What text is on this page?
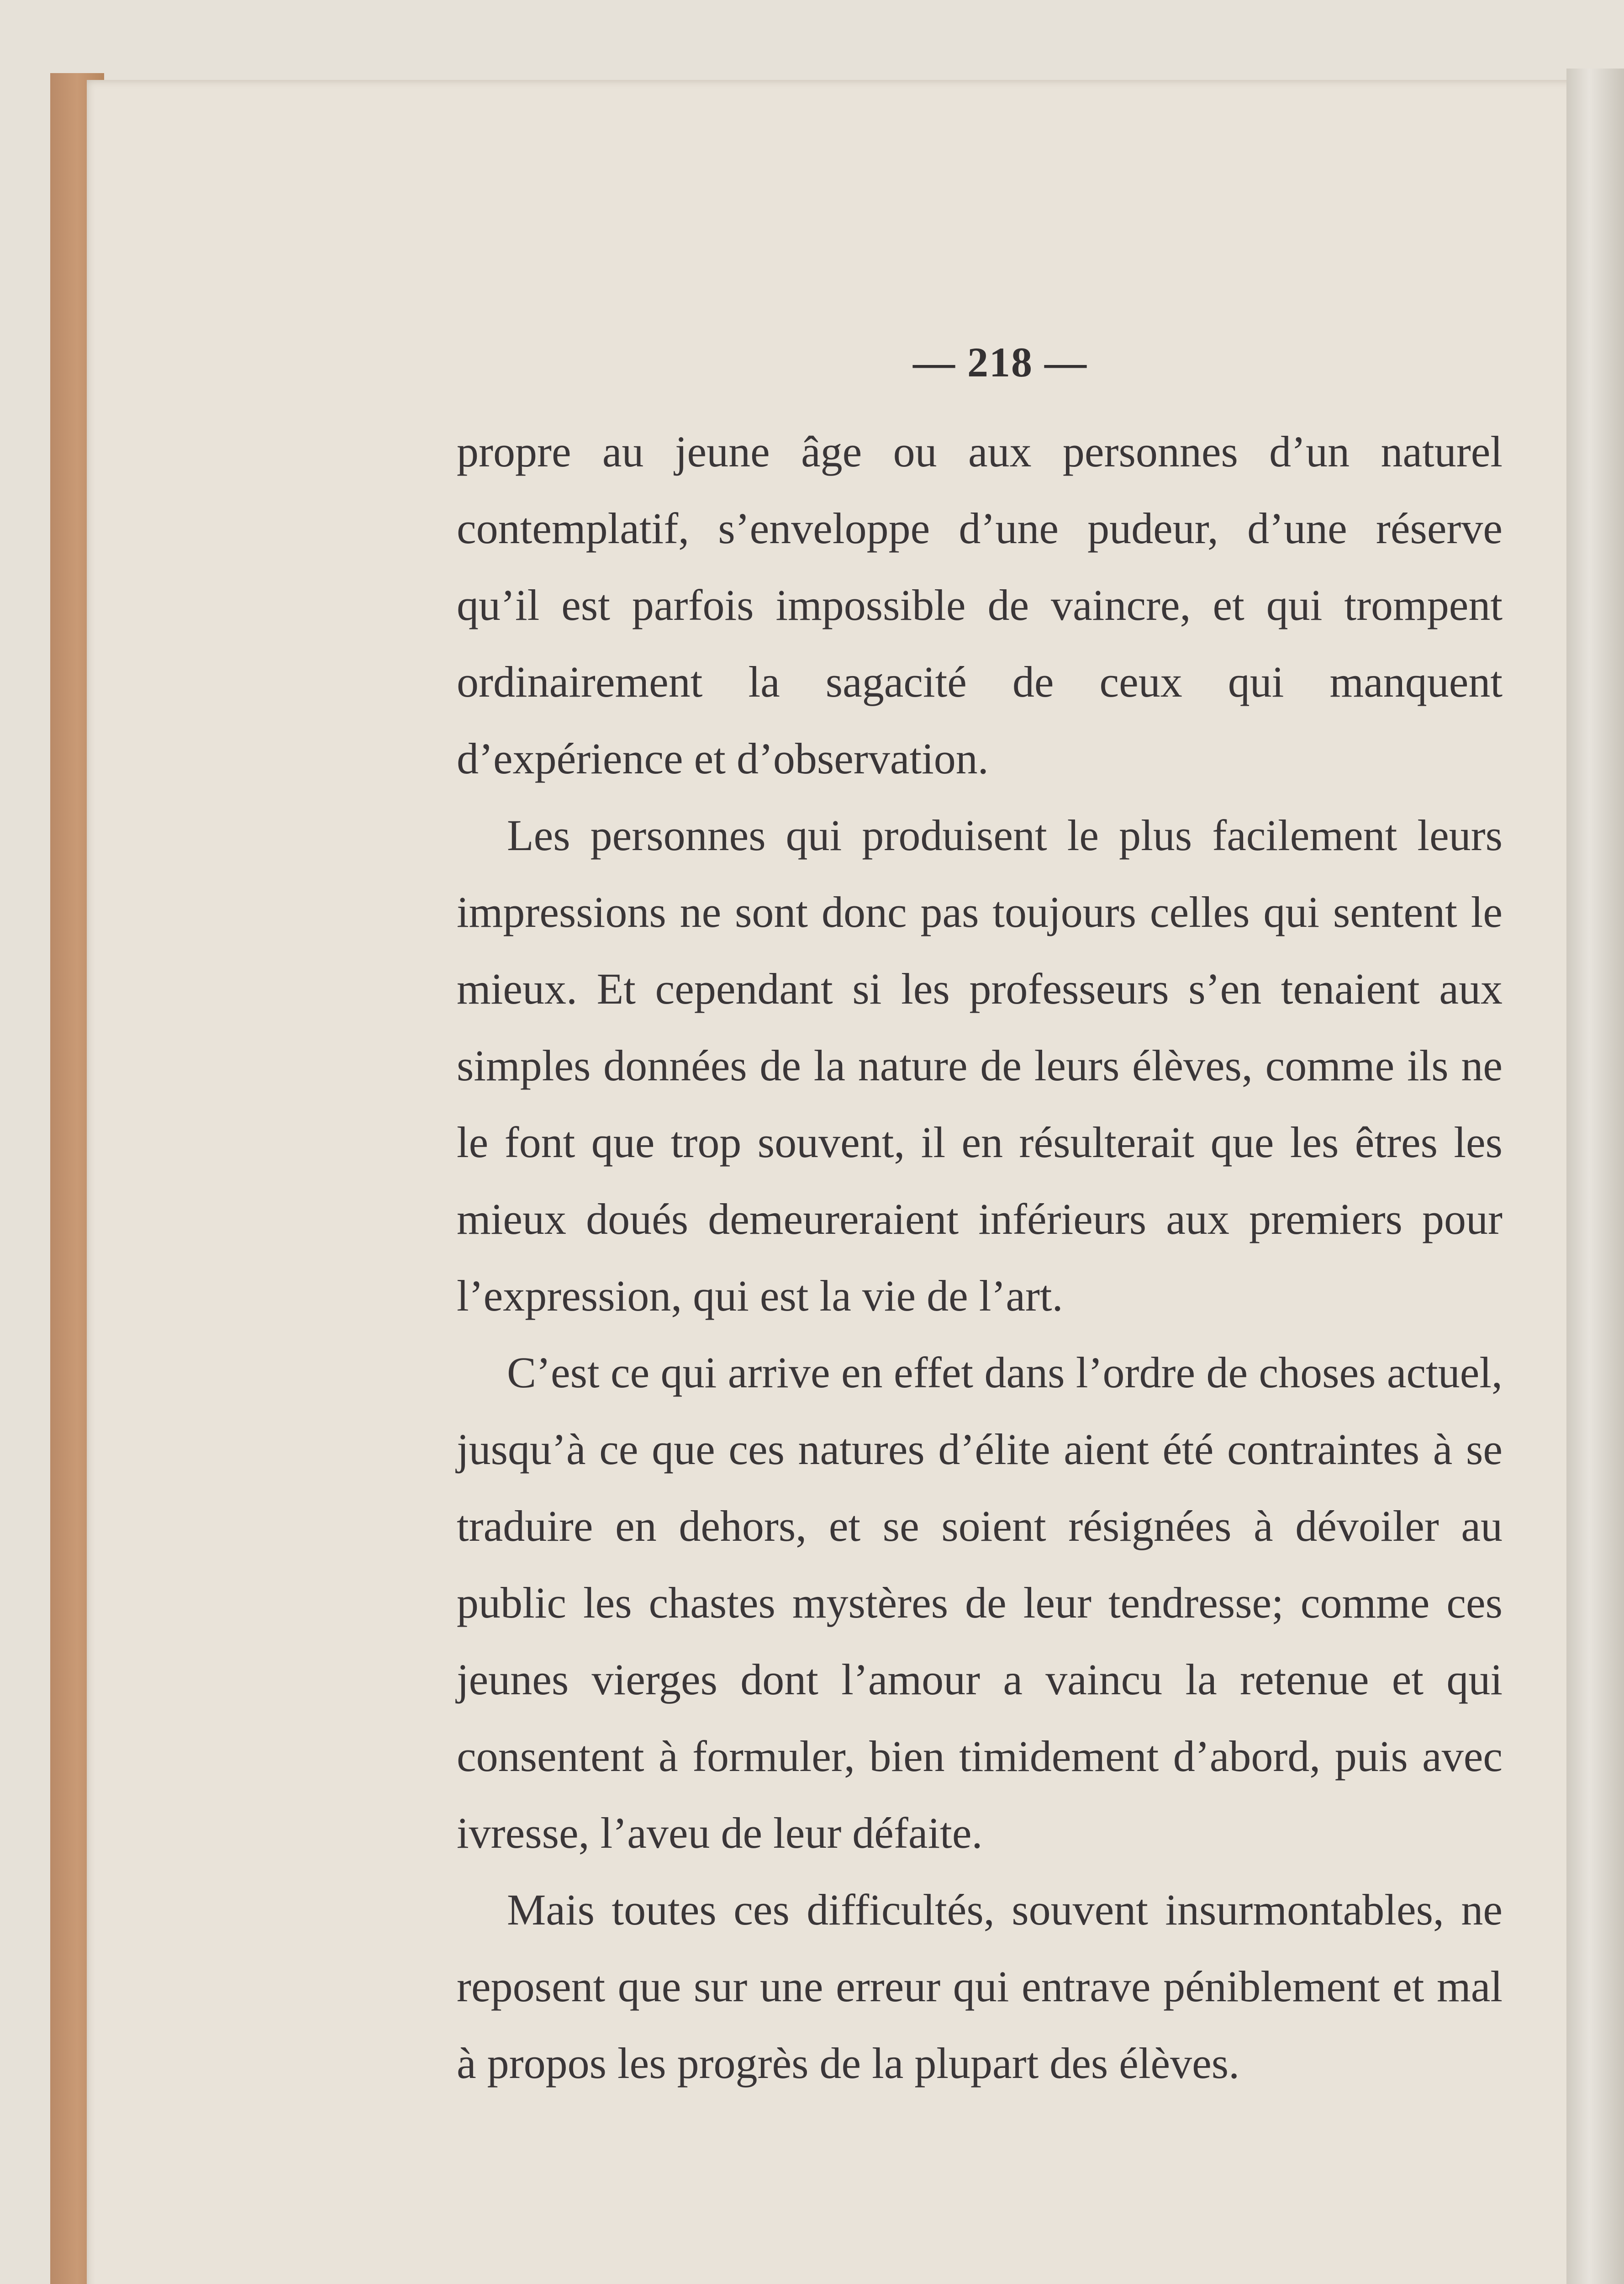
— 218 —

propre au jeune âge ou aux personnes d’un naturel contemplatif, s’enveloppe d’une pudeur, d’une réserve qu’il est parfois impossible de vaincre, et qui trompent ordinairement la sagacité de ceux qui manquent d’expérience et d’observation.

Les personnes qui produisent le plus facilement leurs impressions ne sont donc pas toujours celles qui sentent le mieux. Et cependant si les professeurs s’en tenaient aux simples données de la nature de leurs élèves, comme ils ne le font que trop souvent, il en résulterait que les êtres les mieux doués demeureraient inférieurs aux premiers pour l’expression, qui est la vie de l’art.

C’est ce qui arrive en effet dans l’ordre de choses actuel, jusqu’à ce que ces natures d’élite aient été contraintes à se traduire en dehors, et se soient résignées à dévoiler au public les chastes mystères de leur tendresse; comme ces jeunes vierges dont l’amour a vaincu la retenue et qui consentent à formuler, bien timidement d’abord, puis avec ivresse, l’aveu de leur défaite.

Mais toutes ces difficultés, souvent insurmontables, ne reposent que sur une erreur qui entrave péniblement et mal à propos les progrès de la plupart des élèves.
